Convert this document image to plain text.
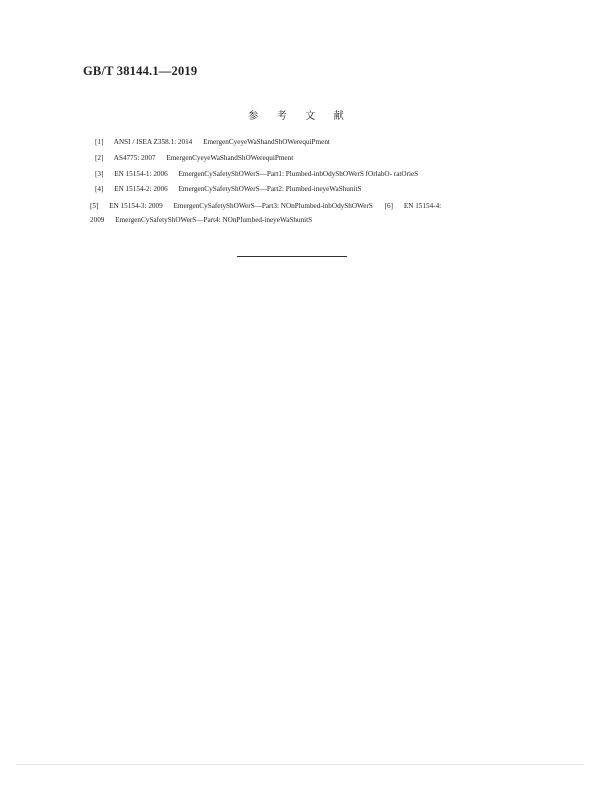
GB/T 38144.1—2019
参 考 文 献
[1] ANSI / ISEA Z358.1: 2014 EmergenCyeyeWaShandShOWerequiPment
[2] AS4775: 2007 EmergenCyeyeWaShandShOWerequiPment
[3] EN 15154-1: 2006 EmergenCySafetyShOWerS—Part1: Plumbed-inbOdyShOWerS fOrlabO- ratOrieS
[4] EN 15154-2: 2006 EmergenCySafetyShOWerS—Part2: Plumbed-ineyeWaShunitS
[5] EN 15154-3: 2009 EmergenCySafetyShOWerS—Part3: NOnPlumbed-inbOdyShOWerS [6] EN 15154-4:
2009 EmergenCySafetyShOWerS—Part4: NOnPlumbed-ineyeWaShunitS
